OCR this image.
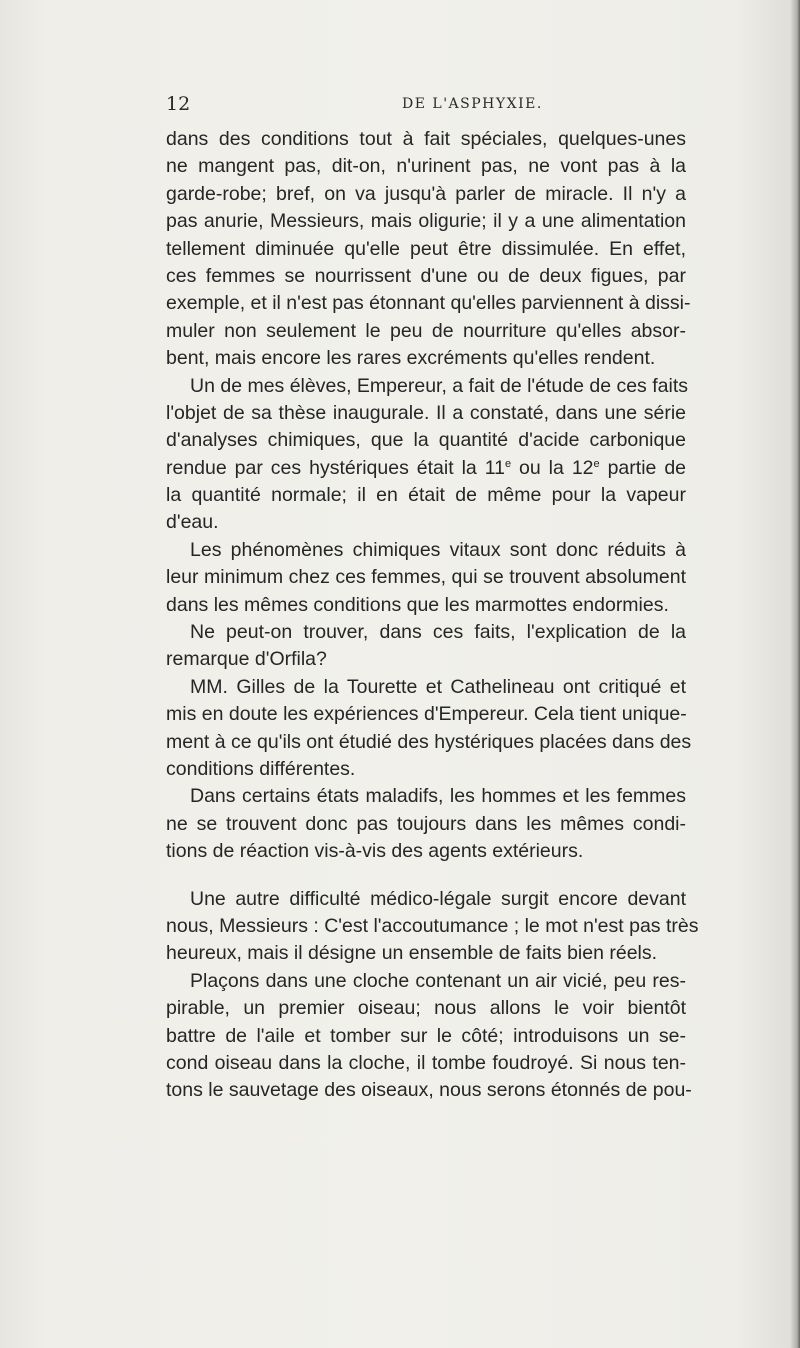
12	DE L'ASPHYXIE.
dans des conditions tout à fait spéciales, quelques-unes
ne mangent pas, dit-on, n'urinent pas, ne vont pas à la
garde-robe; bref, on va jusqu'à parler de miracle. Il n'y a
pas anurie, Messieurs, mais oligurie; il y a une alimentation
tellement diminuée qu'elle peut être dissimulée. En effet,
ces femmes se nourrissent d'une ou de deux figues, par
exemple, et il n'est pas étonnant qu'elles parviennent à dissi-
muler non seulement le peu de nourriture qu'elles absor-
bent, mais encore les rares excréments qu'elles rendent.
Un de mes élèves, Empereur, a fait de l'étude de ces faits
l'objet de sa thèse inaugurale. Il a constaté, dans une série
d'analyses chimiques, que la quantité d'acide carbonique
rendue par ces hystériques était la 11e ou la 12e partie de
la quantité normale; il en était de même pour la vapeur
d'eau.
Les phénomènes chimiques vitaux sont donc réduits à
leur minimum chez ces femmes, qui se trouvent absolument
dans les mêmes conditions que les marmottes endormies.
Ne peut-on trouver, dans ces faits, l'explication de la
remarque d'Orfila?
MM. Gilles de la Tourette et Cathelineau ont critiqué et
mis en doute les expériences d'Empereur. Cela tient unique-
ment à ce qu'ils ont étudié des hystériques placées dans des
conditions différentes.
Dans certains états maladifs, les hommes et les femmes
ne se trouvent donc pas toujours dans les mêmes condi-
tions de réaction vis-à-vis des agents extérieurs.
Une autre difficulté médico-légale surgit encore devant
nous, Messieurs : C'est l'accoutumance ; le mot n'est pas très
heureux, mais il désigne un ensemble de faits bien réels.
Plaçons dans une cloche contenant un air vicié, peu res-
pirable, un premier oiseau; nous allons le voir bientôt
battre de l'aile et tomber sur le côté; introduisons un se-
cond oiseau dans la cloche, il tombe foudroyé. Si nous ten-
tons le sauvetage des oiseaux, nous serons étonnés de pou-
